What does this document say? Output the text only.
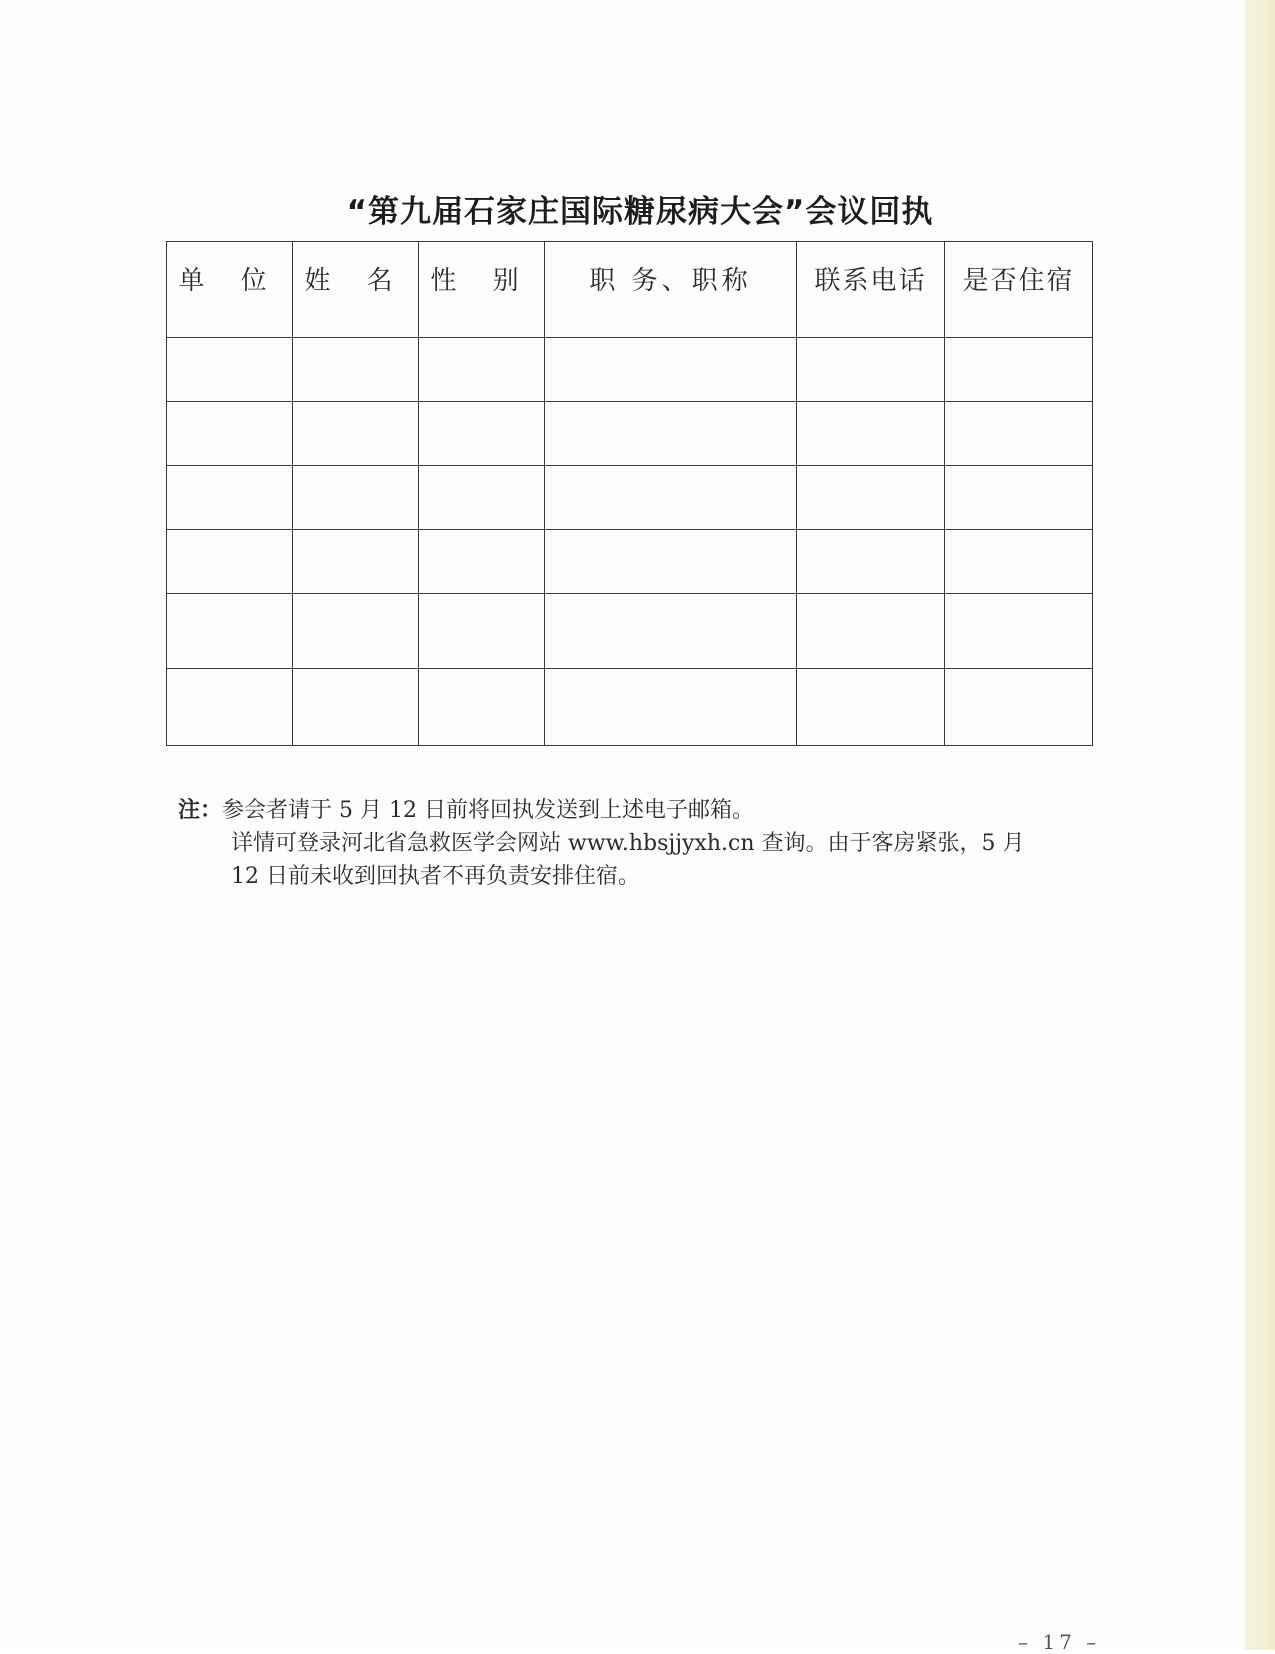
“第九届石家庄国际糖尿病大会”会议回执
单 位	姓 名	性 别	职 务、职称	联系电话	是否住宿

注：参会者请于 5 月 12 日前将回执发送到上述电子邮箱。
详情可登录河北省急救医学会网站 www.hbsjjyxh.cn 查询。由于客房紧张，5 月
12 日前未收到回执者不再负责安排住宿。
– 17 –
